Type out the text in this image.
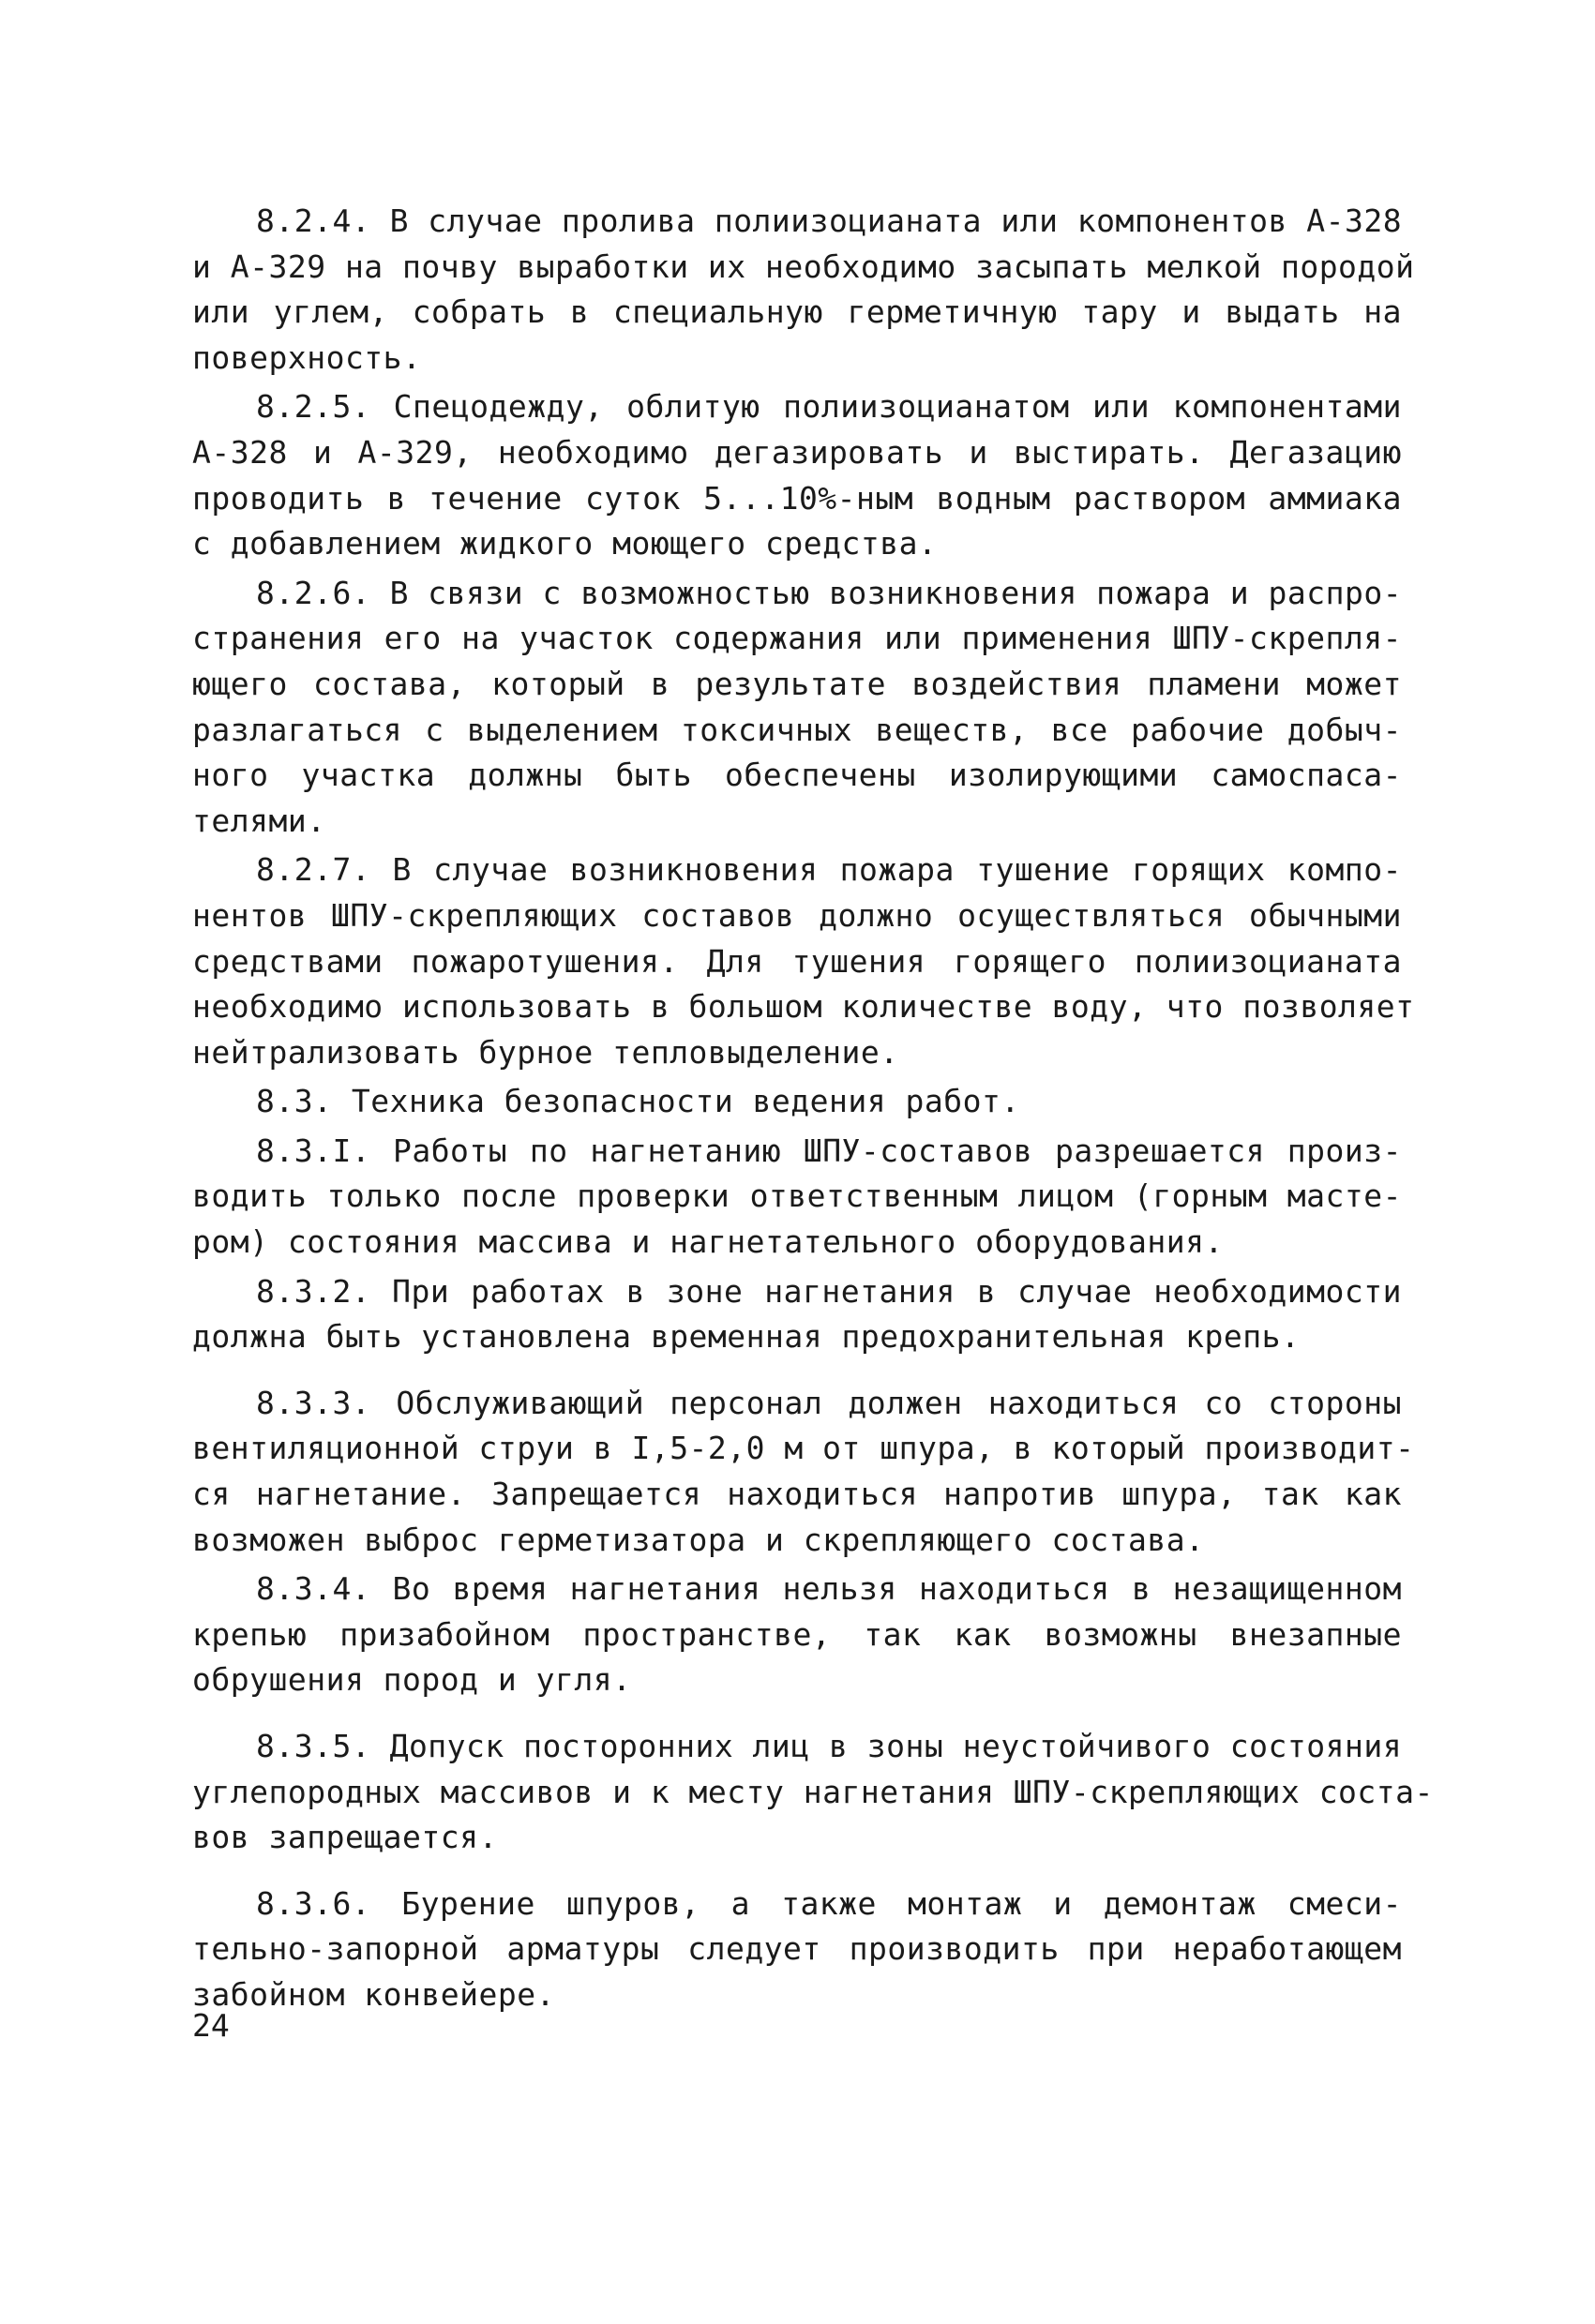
8.2.4. В случае пролива полиизоцианата или компонентов А-328
и А-329 на почву выработки их необходимо засыпать мелкой породой
или углем, собрать в специальную герметичную тару и выдать на
поверхность.
8.2.5. Спецодежду, облитую полиизоцианатом или компонентами
А-328 и А-329, необходимо дегазировать и выстирать. Дегазацию
проводить в течение суток 5...10%-ным водным раствором аммиака
с добавлением жидкого моющего средства.
8.2.6. В связи с возможностью возникновения пожара и распро-
странения его на участок содержания или применения ШПУ-скрепля-
ющего состава, который в результате воздействия пламени может
разлагаться с выделением токсичных веществ, все рабочие добыч-
ного участка должны быть обеспечены изолирующими самоспаса-
телями.
8.2.7. В случае возникновения пожара тушение горящих компо-
нентов ШПУ-скрепляющих составов должно осуществляться обычными
средствами пожаротушения. Для тушения горящего полиизоцианата
необходимо использовать в большом количестве воду, что позволяет
нейтрализовать бурное тепловыделение.
8.3. Техника безопасности ведения работ.
8.3.I. Работы по нагнетанию ШПУ-составов разрешается произ-
водить только после проверки ответственным лицом (горным масте-
ром) состояния массива и нагнетательного оборудования.
8.3.2. При работах в зоне нагнетания в случае необходимости
должна быть установлена временная предохранительная крепь.
8.3.3. Обслуживающий персонал должен находиться со стороны
вентиляционной струи в I,5-2,0 м от шпура, в который производит-
ся нагнетание. Запрещается находиться напротив шпура, так как
возможен выброс герметизатора и скрепляющего состава.
8.3.4. Во время нагнетания нельзя находиться в незащищенном
крепью призабойном пространстве, так как возможны внезапные
обрушения пород и угля.
8.3.5. Допуск посторонних лиц в зоны неустойчивого состояния
углепородных массивов и к месту нагнетания ШПУ-скрепляющих соста-
вов запрещается.
8.3.6. Бурение шпуров, а также монтаж и демонтаж смеси-
тельно-запорной арматуры следует производить при неработающем
забойном конвейере.
24
